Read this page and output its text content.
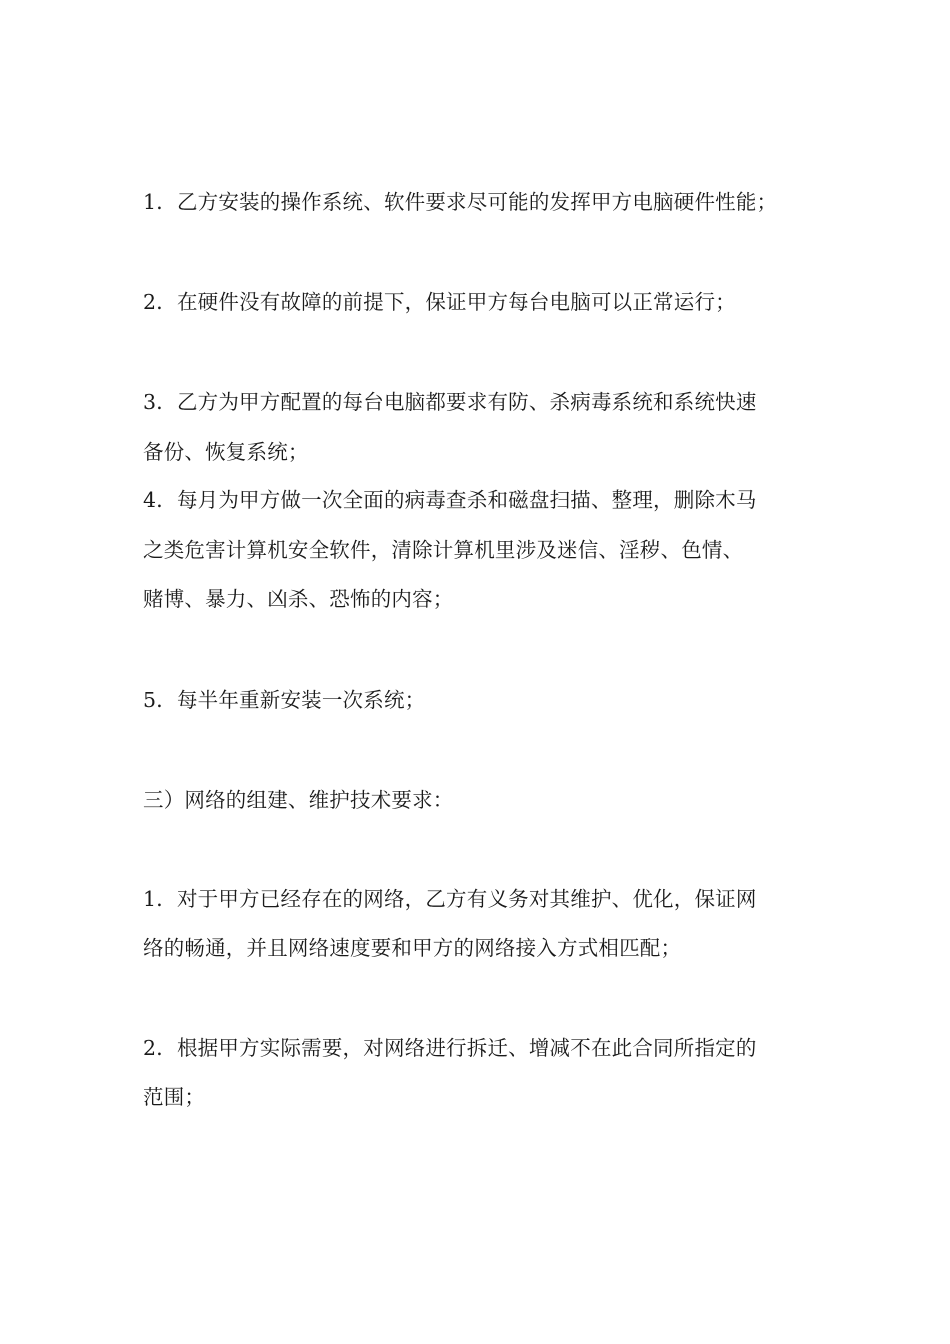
1．乙方安装的操作系统、软件要求尽可能的发挥甲方电脑硬件性能；
2．在硬件没有故障的前提下，保证甲方每台电脑可以正常运行；
3．乙方为甲方配置的每台电脑都要求有防、杀病毒系统和系统快速
备份、恢复系统；
4．每月为甲方做一次全面的病毒查杀和磁盘扫描、整理，删除木马
之类危害计算机安全软件，清除计算机里涉及迷信、淫秽、色情、
赌博、暴力、凶杀、恐怖的内容；
5．每半年重新安装一次系统；
三）网络的组建、维护技术要求：
1．对于甲方已经存在的网络，乙方有义务对其维护、优化，保证网
络的畅通，并且网络速度要和甲方的网络接入方式相匹配；
2．根据甲方实际需要，对网络进行拆迁、增减不在此合同所指定的
范围；
